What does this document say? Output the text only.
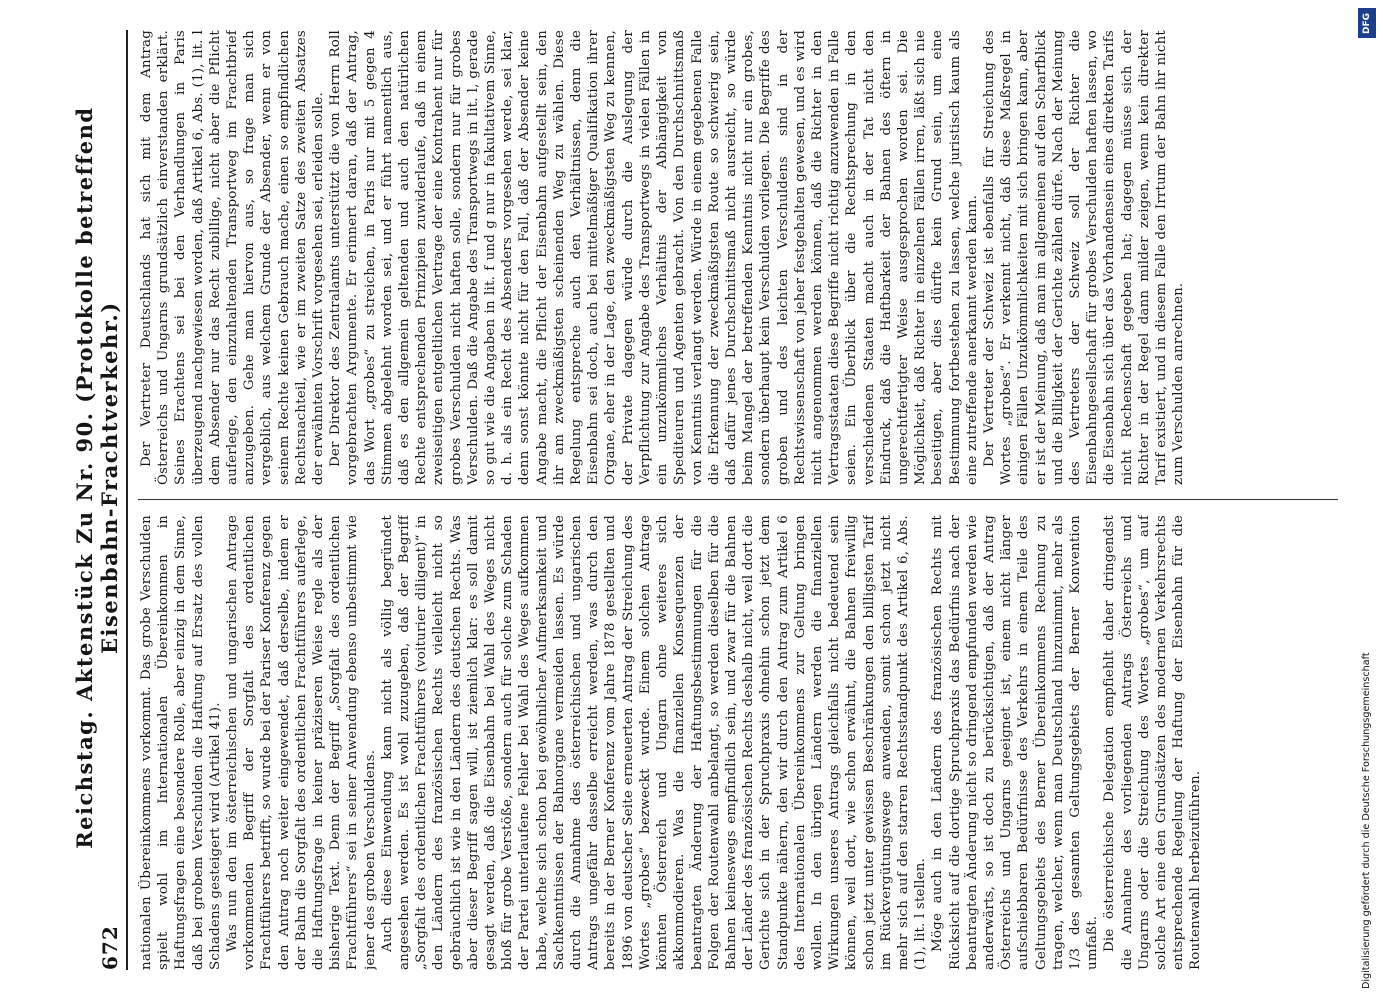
672
Reichstag. Aktenstück Zu Nr. 90. (Protokolle betreffend Eisenbahn-Frachtverkehr.)

nationalen Übereinkommens vorkommt. Das grobe Verschulden spielt wohl im Internationalen Übereinkommen in Haftungsfragen eine besondere Rolle, aber einzig in dem Sinne, daß bei grobem Verschulden die Haftung auf Ersatz des vollen Schadens gesteigert wird (Artikel 41). Was nun den im österreichischen und ungarischen Antrage vorkommenden Begriff der Sorgfalt des ordentlichen Frachtführers betrifft, so wurde bei der Pariser Konferenz gegen den Antrag noch weiter eingewendet, daß derselbe, indem er der Bahn die Sorgfalt des ordentlichen Frachtführers auferlege, die Haftungsfrage in keiner präziseren Weise regle als der bisherige Text. Denn der Begriff „Sorgfalt des ordentlichen Frachtführers“ sei in seiner Anwendung ebenso unbestimmt wie jener des groben Verschuldens. Auch diese Einwendung kann nicht als völlig begründet angesehen werden. Es ist wohl zuzugeben, daß der Begriff „Sorgfalt des ordentlichen Frachtführers (voiturier diligent)“ in den Ländern des französischen Rechts vielleicht nicht so gebräuchlich ist wie in den Ländern des deutschen Rechts. Was aber dieser Begriff sagen will, ist ziemlich klar: es soll damit gesagt werden, daß die Eisenbahn bei Wahl des Weges nicht bloß für grobe Verstöße, sondern auch für solche zum Schaden der Partei unterlaufene Fehler bei Wahl des Weges aufkommen habe, welche sich schon bei gewöhnlicher Aufmerksamkeit und Sachkenntnissen der Bahnorgane vermeiden lassen. Es würde durch die Annahme des österreichischen und ungarischen Antrags ungefähr dasselbe erreicht werden, was durch den bereits in der Berner Konferenz vom Jahre 1878 gestellten und 1896 von deutscher Seite erneuerten Antrag der Streichung des Wortes „grobes“ bezweckt wurde. Einem solchen Antrage könnten Österreich und Ungarn ohne weiteres sich akkommodieren. Was die finanziellen Konsequenzen der beantragten Änderung der Haftungsbestimmungen für die Folgen der Routenwahl anbelangt, so werden dieselben für die Bahnen keineswegs empfindlich sein, und zwar für die Bahnen der Länder des französischen Rechts deshalb nicht, weil dort die Gerichte sich in der Spruchpraxis ohnehin schon jetzt dem Standpunkte nähern, den wir durch den Antrag zum Artikel 6 des Internationalen Übereinkommens zur Geltung bringen wollen. In den übrigen Ländern werden die finanziellen Wirkungen unseres Antrags gleichfalls nicht bedeutend sein können, weil dort, wie schon erwähnt, die Bahnen freiwillig schon jetzt unter gewissen Beschränkungen den billigsten Tarif im Rückvergütungswege anwenden, somit schon jetzt nicht mehr sich auf den starren Rechtsstandpunkt des Artikel 6, Abs. (1), lit. l stellen. Möge auch in den Ländern des französischen Rechts mit Rücksicht auf die dortige Spruchpraxis das Bedürfnis nach der beantragten Änderung nicht so dringend empfunden werden wie anderwärts, so ist doch zu berücksichtigen, daß der Antrag Österreichs und Ungarns geeignet ist, einem nicht länger aufschiebbaren Bedürfnisse des Verkehrs in einem Teile des Geltungsgebiets des Berner Übereinkommens Rechnung zu tragen, welcher, wenn man Deutschland hinzunimmt, mehr als 1/3 des gesamten Geltungsgebiets der Berner Konvention umfaßt. Die österreichische Delegation empfiehlt daher dringendst die Annahme des vorliegenden Antrags Österreichs und Ungarns oder die Streichung des Wortes „grobes“, um auf solche Art eine den Grundsätzen des modernen Verkehrsrechts entsprechende Regelung der Haftung der Eisenbahn für die Routenwahl herbeizuführen.

Der Vertreter Deutschlands hat sich mit dem Antrag Österreichs und Ungarns grundsätzlich einverstanden erklärt. Seines Erachtens sei bei den Verhandlungen in Paris überzeugend nachgewiesen worden, daß Artikel 6, Abs. (1), lit. l dem Absender nur das Recht zubillige, nicht aber die Pflicht auferlege, den einzuhaltenden Transportweg im Frachtbrief anzugeben. Gehe man hiervon aus, so frage man sich vergeblich, aus welchem Grunde der Absender, wenn er von seinem Rechte keinen Gebrauch mache, einen so empfindlichen Rechtsnachteil, wie er im zweiten Satze des zweiten Absatzes der erwähnten Vorschrift vorgesehen sei, erleiden solle. Der Direktor des Zentralamts unterstützt die von Herrn Roll vorgebrachten Argumente. Er erinnert daran, daß der Antrag, das Wort „grobes“ zu streichen, in Paris nur mit 5 gegen 4 Stimmen abgelehnt worden sei, und er führt namentlich aus, daß es den allgemein geltenden und auch den natürlichen Rechte entsprechenden Prinzipien zuwiderlaufe, daß in einem zweiseitigen entgeltlichen Vertrage der eine Kontrahent nur für grobes Verschulden nicht haften solle, sondern nur für grobes Verschulden. Daß die Angabe des Transportwegs in lit. l, gerade so gut wie die Angaben in lit. f und g nur in fakultativem Sinne, d. h. als ein Recht des Absenders vorgesehen werde, sei klar, denn sonst könnte nicht für den Fall, daß der Absender keine Angabe macht, die Pflicht der Eisenbahn aufgestellt sein, den ihr am zweckmäßigsten scheinenden Weg zu wählen. Diese Regelung entspreche auch den Verhältnissen, denn die Eisenbahn sei doch, auch bei mittelmäßiger Qualifikation ihrer Organe, eher in der Lage, den zweckmäßigsten Weg zu kennen, der Private dagegen würde durch die Auslegung der Verpflichtung zur Angabe des Transportwegs in vielen Fällen in ein unzukömmliches Verhältnis der Abhängigkeit von Spediteuren und Agenten gebracht. Von den Durchschnittsmaß von Kenntnis verlangt werden. Würde in einem gegebenen Falle die Erkennung der zweckmäßigsten Route so schwierig sein, daß dafür jenes Durchschnittsmaß nicht ausreicht, so würde beim Mangel der betreffenden Kenntnis nicht nur ein grobes, sondern überhaupt kein Verschulden vorliegen. Die Begriffe des groben und des leichten Verschuldens sind in der Rechtswissenschaft von jeher festgehalten gewesen, und es wird nicht angenommen werden können, daß die Richter in den Vertragsstaaten diese Begriffe nicht richtig anzuwenden in Falle seien. Ein Überblick über die Rechtsprechung in den verschiedenen Staaten macht auch in der Tat nicht den Eindruck, daß die Haftbarkeit der Bahnen des öftern in ungerechtfertigter Weise ausgesprochen worden sei. Die Möglichkeit, daß Richter in einzelnen Fällen irren, läßt sich nie beseitigen, aber dies dürfte kein Grund sein, um eine Bestimmung fortbestehen zu lassen, welche juristisch kaum als eine zutreffende anerkannt werden kann. Der Vertreter der Schweiz ist ebenfalls für Streichung des Wortes „grobes“. Er verkennt nicht, daß diese Maßregel in einigen Fällen Unzukömmlichkeiten mit sich bringen kann, aber er ist der Meinung, daß man im allgemeinen auf den Scharfblick und die Billigkeit der Gerichte zählen dürfe. Nach der Meinung des Vertreters der Schweiz soll der Richter die Eisenbahngesellschaft für grobes Verschulden haften lassen, wo die Eisenbahn sich über das Vorhandensein eines direkten Tarifs nicht Rechenschaft gegeben hat; dagegen müsse sich der Richter in der Regel dann milder zeigen, wenn kein direkter Tarif existiert, und in diesem Falle den Irrtum der Bahn ihr nicht zum Verschulden anrechnen.

DFG
Digitalisierung gefördert durch die Deutsche Forschungsgemeinschaft
